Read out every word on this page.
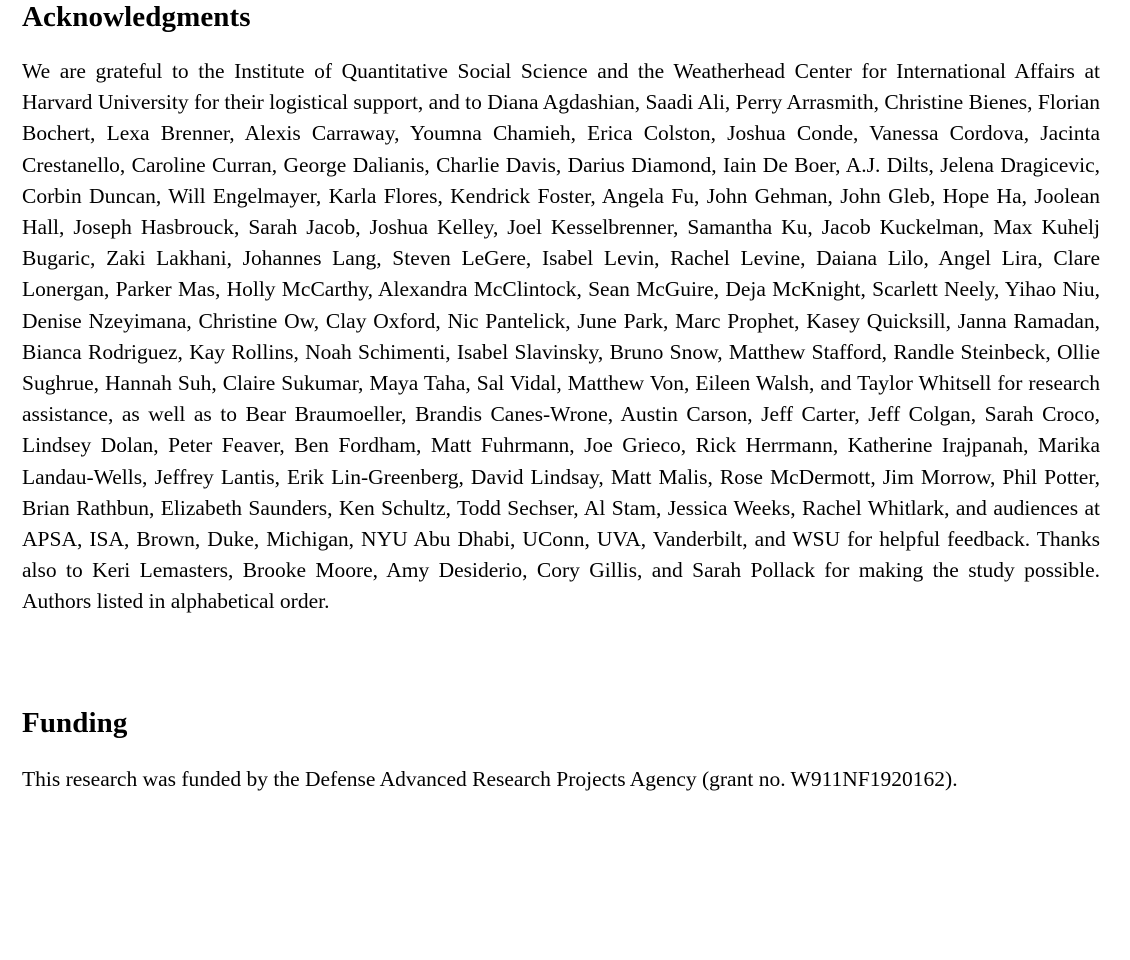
Acknowledgments

We are grateful to the Institute of Quantitative Social Science and the Weatherhead Center for International Affairs at Harvard University for their logistical support, and to Diana Agdashian, Saadi Ali, Perry Arrasmith, Christine Bienes, Florian Bochert, Lexa Brenner, Alexis Carraway, Youmna Chamieh, Erica Colston, Joshua Conde, Vanessa Cordova, Jacinta Crestanello, Caroline Curran, George Dalianis, Charlie Davis, Darius Diamond, Iain De Boer, A.J. Dilts, Jelena Dragicevic, Corbin Duncan, Will Engelmayer, Karla Flores, Kendrick Foster, Angela Fu, John Gehman, John Gleb, Hope Ha, Joolean Hall, Joseph Hasbrouck, Sarah Jacob, Joshua Kelley, Joel Kesselbrenner, Samantha Ku, Jacob Kuckelman, Max Kuhelj Bugaric, Zaki Lakhani, Johannes Lang, Steven LeGere, Isabel Levin, Rachel Levine, Daiana Lilo, Angel Lira, Clare Lonergan, Parker Mas, Holly McCarthy, Alexandra McClintock, Sean McGuire, Deja McKnight, Scarlett Neely, Yihao Niu, Denise Nzeyimana, Christine Ow, Clay Oxford, Nic Pantelick, June Park, Marc Prophet, Kasey Quicksill, Janna Ramadan, Bianca Rodriguez, Kay Rollins, Noah Schimenti, Isabel Slavinsky, Bruno Snow, Matthew Stafford, Randle Steinbeck, Ollie Sughrue, Hannah Suh, Claire Sukumar, Maya Taha, Sal Vidal, Matthew Von, Eileen Walsh, and Taylor Whitsell for research assistance, as well as to Bear Braumoeller, Brandis Canes-Wrone, Austin Carson, Jeff Carter, Jeff Colgan, Sarah Croco, Lindsey Dolan, Peter Feaver, Ben Fordham, Matt Fuhrmann, Joe Grieco, Rick Herrmann, Katherine Irajpanah, Marika Landau-Wells, Jeffrey Lantis, Erik Lin-Greenberg, David Lindsay, Matt Malis, Rose McDermott, Jim Morrow, Phil Potter, Brian Rathbun, Elizabeth Saunders, Ken Schultz, Todd Sechser, Al Stam, Jessica Weeks, Rachel Whitlark, and audiences at APSA, ISA, Brown, Duke, Michigan, NYU Abu Dhabi, UConn, UVA, Vanderbilt, and WSU for helpful feedback. Thanks also to Keri Lemasters, Brooke Moore, Amy Desiderio, Cory Gillis, and Sarah Pollack for making the study possible. Authors listed in alphabetical order.

Funding

This research was funded by the Defense Advanced Research Projects Agency (grant no. W911NF1920162).
